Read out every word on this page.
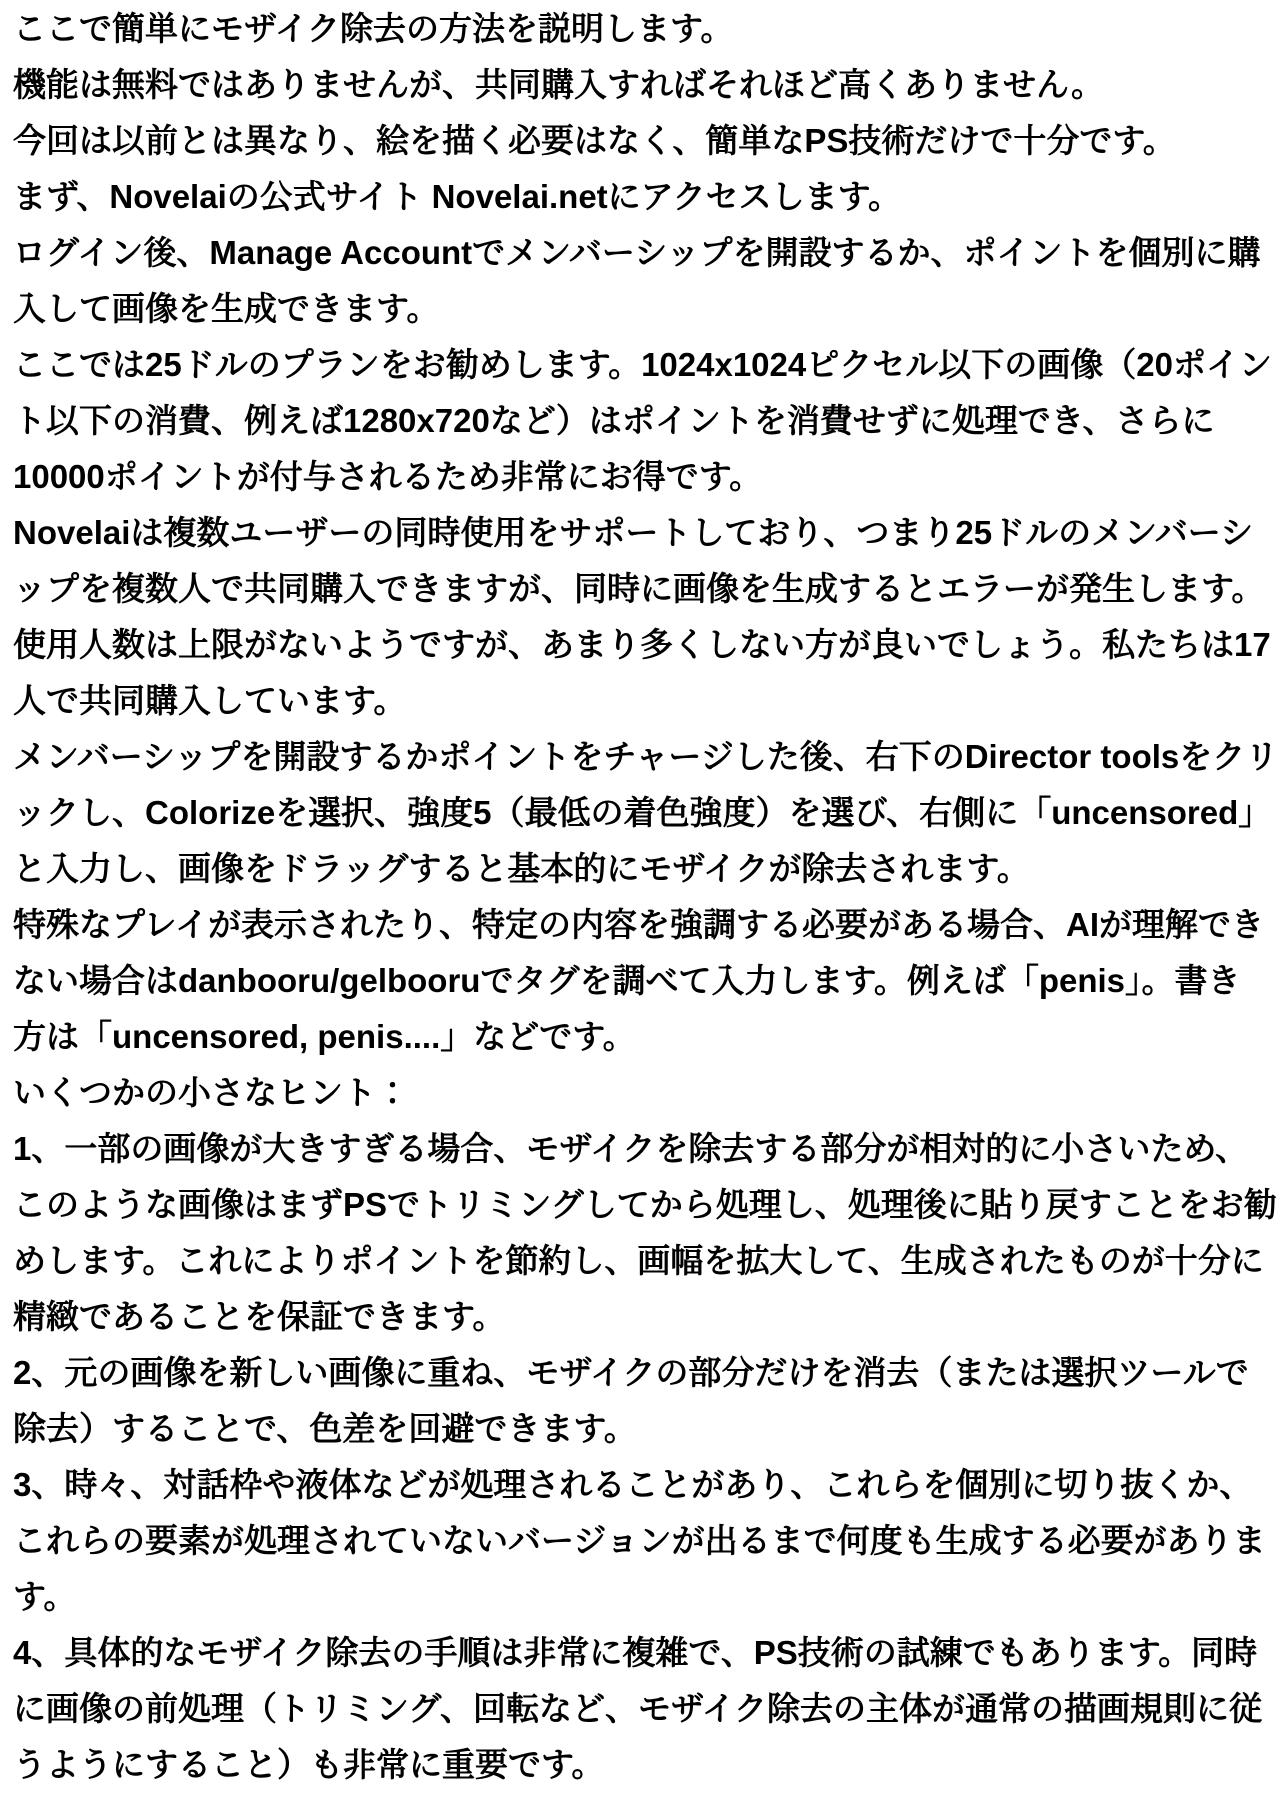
ここで簡単にモザイク除去の方法を説明します。
機能は無料ではありませんが、共同購入すればそれほど高くありません。
今回は以前とは異なり、絵を描く必要はなく、簡単なPS技術だけで十分です。
まず、Novelaiの公式サイト Novelai.netにアクセスします。
ログイン後、Manage Accountでメンバーシップを開設するか、ポイントを個別に購
入して画像を生成できます。
ここでは25ドルのプランをお勧めします。1024x1024ピクセル以下の画像（20ポイン
ト以下の消費、例えば1280x720など）はポイントを消費せずに処理でき、さらに
10000ポイントが付与されるため非常にお得です。
Novelaiは複数ユーザーの同時使用をサポートしており、つまり25ドルのメンバーシ
ップを複数人で共同購入できますが、同時に画像を生成するとエラーが発生します。
使用人数は上限がないようですが、あまり多くしない方が良いでしょう。私たちは17
人で共同購入しています。
メンバーシップを開設するかポイントをチャージした後、右下のDirector toolsをクリ
ックし、Colorizeを選択、強度5（最低の着色強度）を選び、右側に「uncensored」
と入力し、画像をドラッグすると基本的にモザイクが除去されます。
特殊なプレイが表示されたり、特定の内容を強調する必要がある場合、AIが理解でき
ない場合はdanbooru/gelbooruでタグを調べて入力します。例えば「penis」。書き
方は「uncensored, penis....」などです。
いくつかの小さなヒント：
1、一部の画像が大きすぎる場合、モザイクを除去する部分が相対的に小さいため、
このような画像はまずPSでトリミングしてから処理し、処理後に貼り戻すことをお勧
めします。これによりポイントを節約し、画幅を拡大して、生成されたものが十分に
精緻であることを保証できます。
2、元の画像を新しい画像に重ね、モザイクの部分だけを消去（または選択ツールで
除去）することで、色差を回避できます。
3、時々、対話枠や液体などが処理されることがあり、これらを個別に切り抜くか、
これらの要素が処理されていないバージョンが出るまで何度も生成する必要がありま
す。
4、具体的なモザイク除去の手順は非常に複雑で、PS技術の試練でもあります。同時
に画像の前処理（トリミング、回転など、モザイク除去の主体が通常の描画規則に従
うようにすること）も非常に重要です。
